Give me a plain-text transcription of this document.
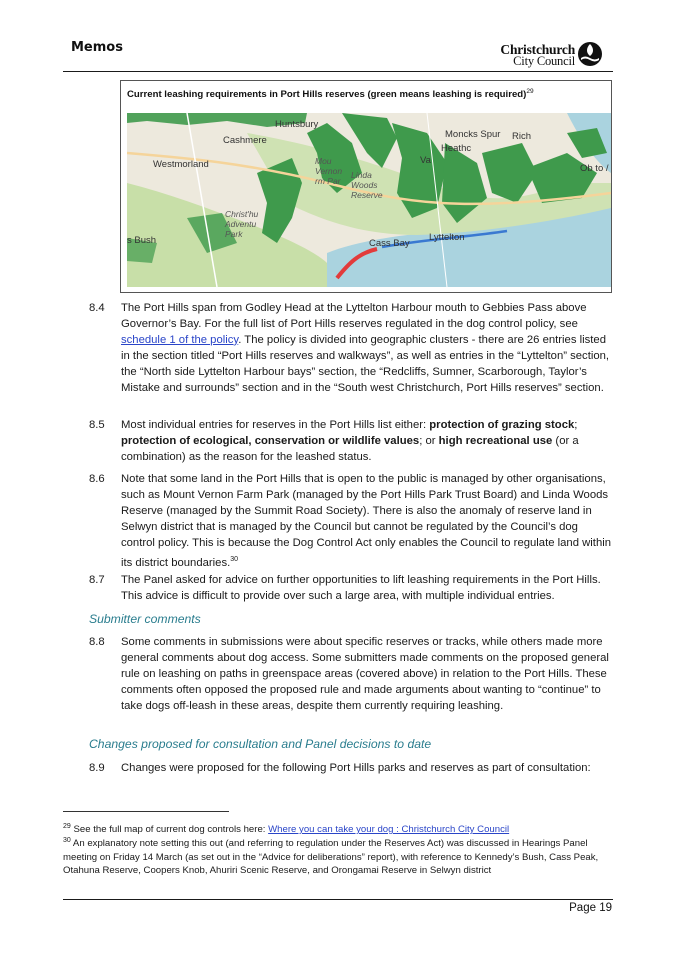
Memos	Christchurch
City Council
Current leashing requirements in Port Hills reserves (green means leashing is required)$^{29}$
Huntsbury
Cashmere
Westmorland
Moncks Spur Rich
Heathc
Va
Mou Vernon rm Par
Linda Woods Reserve
Christ'hu Adventu Park
s Bush	Cass Bay
Lyttelton
Ob to /
8.4 The Port Hills span from Godley Head at the Lyttelton Harbour mouth to Gebbies Pass above Governor’s Bay. For the full list of Port Hills reserves regulated in the dog control policy, see schedule 1 of the policy. The policy is divided into geographic clusters - there are 26 entries listed in the section titled “Port Hills reserves and walkways”, as well as entries in the “Lyttelton” section, the “North side Lyttelton Harbour bays” section, the “Redcliffs, Sumner, Scarborough, Taylor’s Mistake and surrounds” section and in the “South west Christchurch, Port Hills reserves” section.
8.5 Most individual entries for reserves in the Port Hills list either: protection of grazing stock; protection of ecological, conservation or wildlife values; or high recreational use (or a combination) as the reason for the leashed status.
8.6 Note that some land in the Port Hills that is open to the public is managed by other organisations, such as Mount Vernon Farm Park (managed by the Port Hills Park Trust Board) and Linda Woods Reserve (managed by the Summit Road Society). There is also the anomaly of reserve land in Selwyn district that is managed by the Council but cannot be regulated by the Council’s dog control policy. This is because the Dog Control Act only enables the Council to regulate land within its district boundaries.$^{30}$
8.7 The Panel asked for advice on further opportunities to lift leashing requirements in the Port Hills. This advice is difficult to provide over such a large area, with multiple individual entries.
Submitter comments
8.8 Some comments in submissions were about specific reserves or tracks, while others made more general comments about dog access. Some submitters made comments on the proposed general rule on leashing on paths in greenspace areas (covered above) in relation to the Port Hills. These comments often opposed the proposed rule and made arguments about wanting to “continue” to take dogs off-leash in these areas, despite them currently requiring leashing.
Changes proposed for consultation and Panel decisions to date
8.9 Changes were proposed for the following Port Hills parks and reserves as part of consultation:
$^{29}$ See the full map of current dog controls here: Where you can take your dog : Christchurch City Council
$^{30}$ An explanatory note setting this out (and referring to regulation under the Reserves Act) was discussed in Hearings Panel meeting on Friday 14 March (as set out in the “Advice for deliberations” report), with reference to Kennedy’s Bush, Cass Peak, Otahuna Reserve, Coopers Knob, Ahuriri Scenic Reserve, and Orongamai Reserve in Selwyn district
Page 19
